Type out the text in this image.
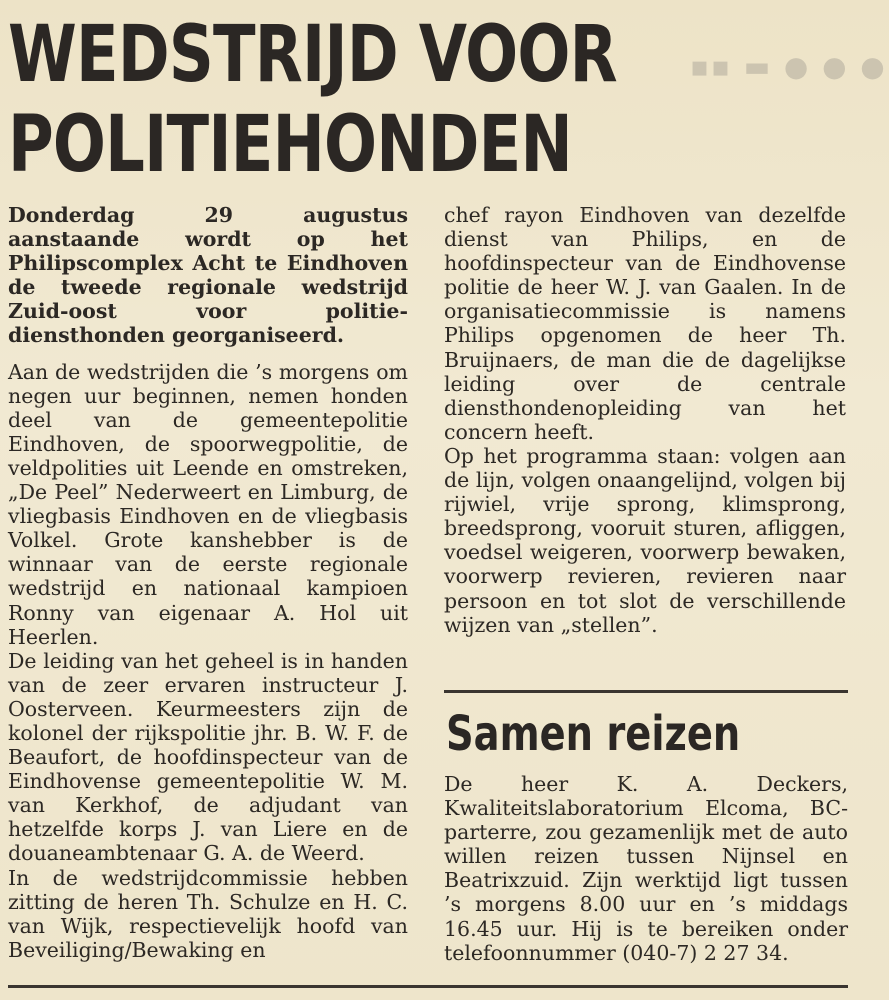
WEDSTRIJD VOOR
POLITIEHONDEN
▪▪ ▬ ● ● ●

Donderdag 29 augustus aanstaande wordt op het Philipscomplex Acht te Eindhoven de tweede regionale wedstrijd Zuid-oost voor politie-diensthonden georganiseerd.

Aan de wedstrijden die ’s morgens om negen uur beginnen, nemen honden deel van de gemeentepolitie Eindhoven, de spoorwegpolitie, de veldpolities uit Leende en omstreken, „De Peel” Nederweert en Limburg, de vliegbasis Eindhoven en de vliegbasis Volkel. Grote kanshebber is de winnaar van de eerste regionale wedstrijd en nationaal kampioen Ronny van eigenaar A. Hol uit Heerlen.

De leiding van het geheel is in handen van de zeer ervaren instructeur J. Oosterveen. Keurmeesters zijn de kolonel der rijkspolitie jhr. B. W. F. de Beaufort, de hoofdinspecteur van de Eindhovense gemeentepolitie W. M. van Kerkhof, de adjudant van hetzelfde korps J. van Liere en de douaneambtenaar G. A. de Weerd.

In de wedstrijdcommissie hebben zitting de heren Th. Schulze en H. C. van Wijk, respectievelijk hoofd van Beveiliging/Bewaking en

chef rayon Eindhoven van dezelfde dienst van Philips, en de hoofdinspecteur van de Eindhovense politie de heer W. J. van Gaalen. In de organisatiecommissie is namens Philips opgenomen de heer Th. Bruijnaers, de man die de dagelijkse leiding over de centrale diensthondenopleiding van het concern heeft.

Op het programma staan: volgen aan de lijn, volgen onaangelijnd, volgen bij rijwiel, vrije sprong, klimsprong, breedsprong, vooruit sturen, afliggen, voedsel weigeren, voorwerp bewaken, voorwerp revieren, revieren naar persoon en tot slot de verschillende wijzen van „stellen”.

Samen reizen

De heer K. A. Deckers, Kwaliteitslaboratorium Elcoma, BC-parterre, zou gezamenlijk met de auto willen reizen tussen Nijnsel en Beatrixzuid. Zijn werktijd ligt tussen ’s morgens 8.00 uur en ’s middags 16.45 uur. Hij is te bereiken onder telefoonnummer (040-7) 2 27 34.
